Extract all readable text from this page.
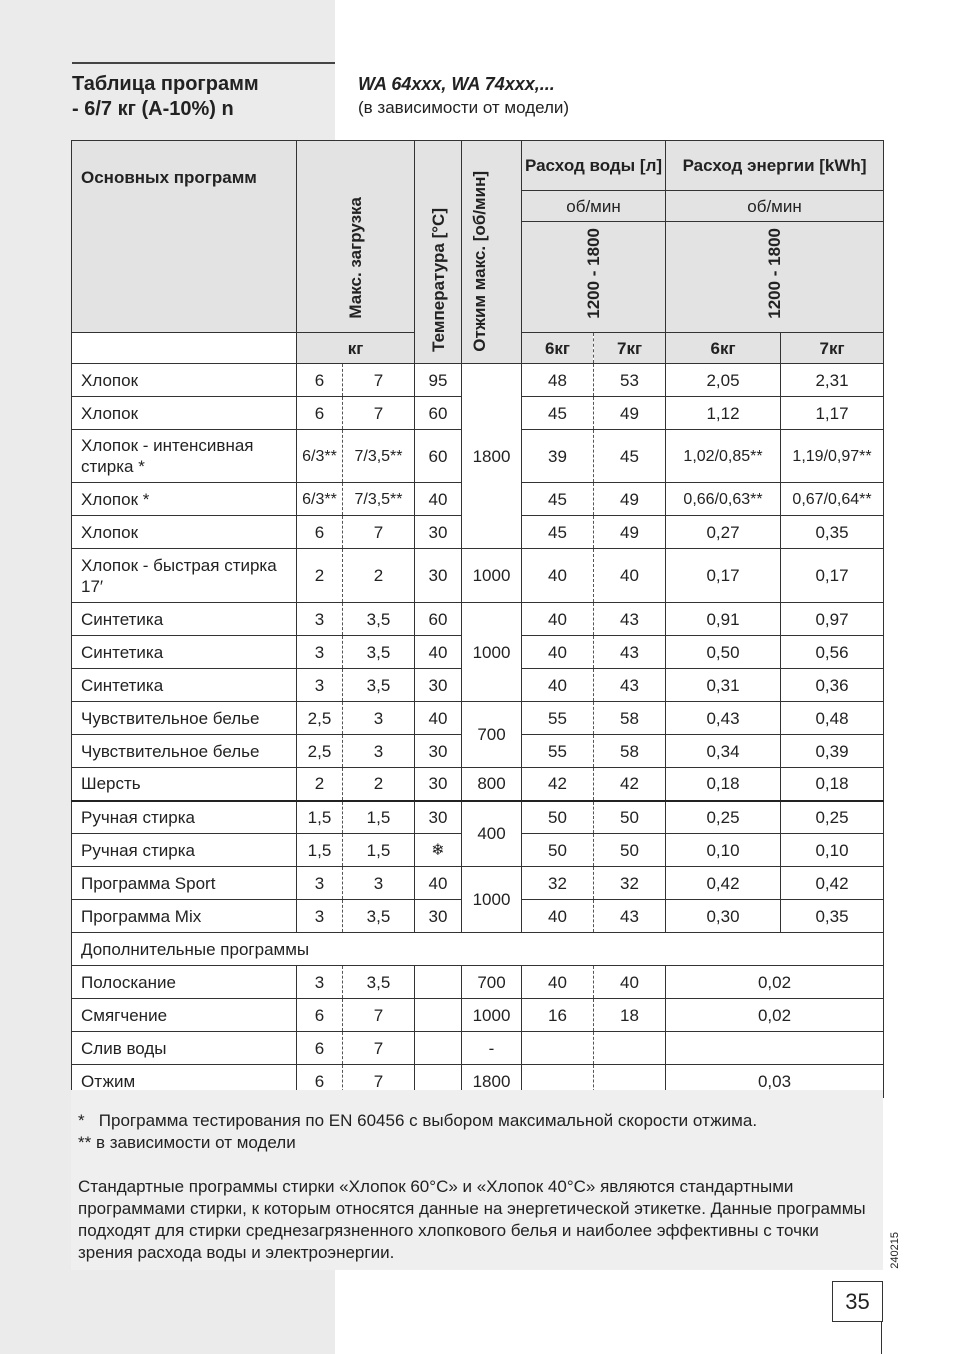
Таблица программ
- 6/7 кг (A-10%) n
WA 64xxx, WA 74xxx,...
(в зависимости от модели)
Основных программ	Макс. загрузка		Температура [°C]	Отжим макс. [об/мин]	Расход воды [л]		Расход энергии [kWh]	
					об/мин		об/мин	
					1200 - 1800		1200 - 1800	
	кг				6кг	7кг	6кг	7кг
Хлопок	6	7	95	1800	48	53	2,05	2,31
Хлопок	6	7	60		45	49	1,12	1,17
Хлопок - интенсивная стирка *	6/3**	7/3,5**	60		39	45	1,02/0,85**	1,19/0,97**
Хлопок *	6/3**	7/3,5**	40		45	49	0,66/0,63**	0,67/0,64**
Хлопок	6	7	30		45	49	0,27	0,35
Хлопок - быстрая стирка 17′	2	2	30	1000	40	40	0,17	0,17
Синтетика	3	3,5	60	1000	40	43	0,91	0,97
Синтетика	3	3,5	40		40	43	0,50	0,56
Синтетика	3	3,5	30		40	43	0,31	0,36
Чувствительное белье	2,5	3	40	700	55	58	0,43	0,48
Чувствительное белье	2,5	3	30		55	58	0,34	0,39
Шерсть	2	2	30	800	42	42	0,18	0,18
Ручная стирка	1,5	1,5	30	400	50	50	0,25	0,25
Ручная стирка	1,5	1,5	❄		50	50	0,10	0,10
Программа Sport	3	3	40	1000	32	32	0,42	0,42
Программа Mix	3	3,5	30		40	43	0,30	0,35
Дополнительные программы								
Полоскание	3	3,5		700	40	40	0,02	
Смягчение	6	7		1000	16	18	0,02	
Слив воды	6	7		-				
Отжим	6	7		1800			0,03	
*   Программа тестирования по EN 60456 с выбором максимальной скорости отжима.
** в зависимости от модели
Стандартные программы стирки «Хлопок 60°C» и «Хлопок 40°C» являются стандартными программами стирки, к которым относятся данные на энергетической этикетке. Данные программы подходят для стирки среднезагрязненного хлопкового белья и наиболее эффективны с точки зрения расхода воды и электроэнергии.	240215
35
